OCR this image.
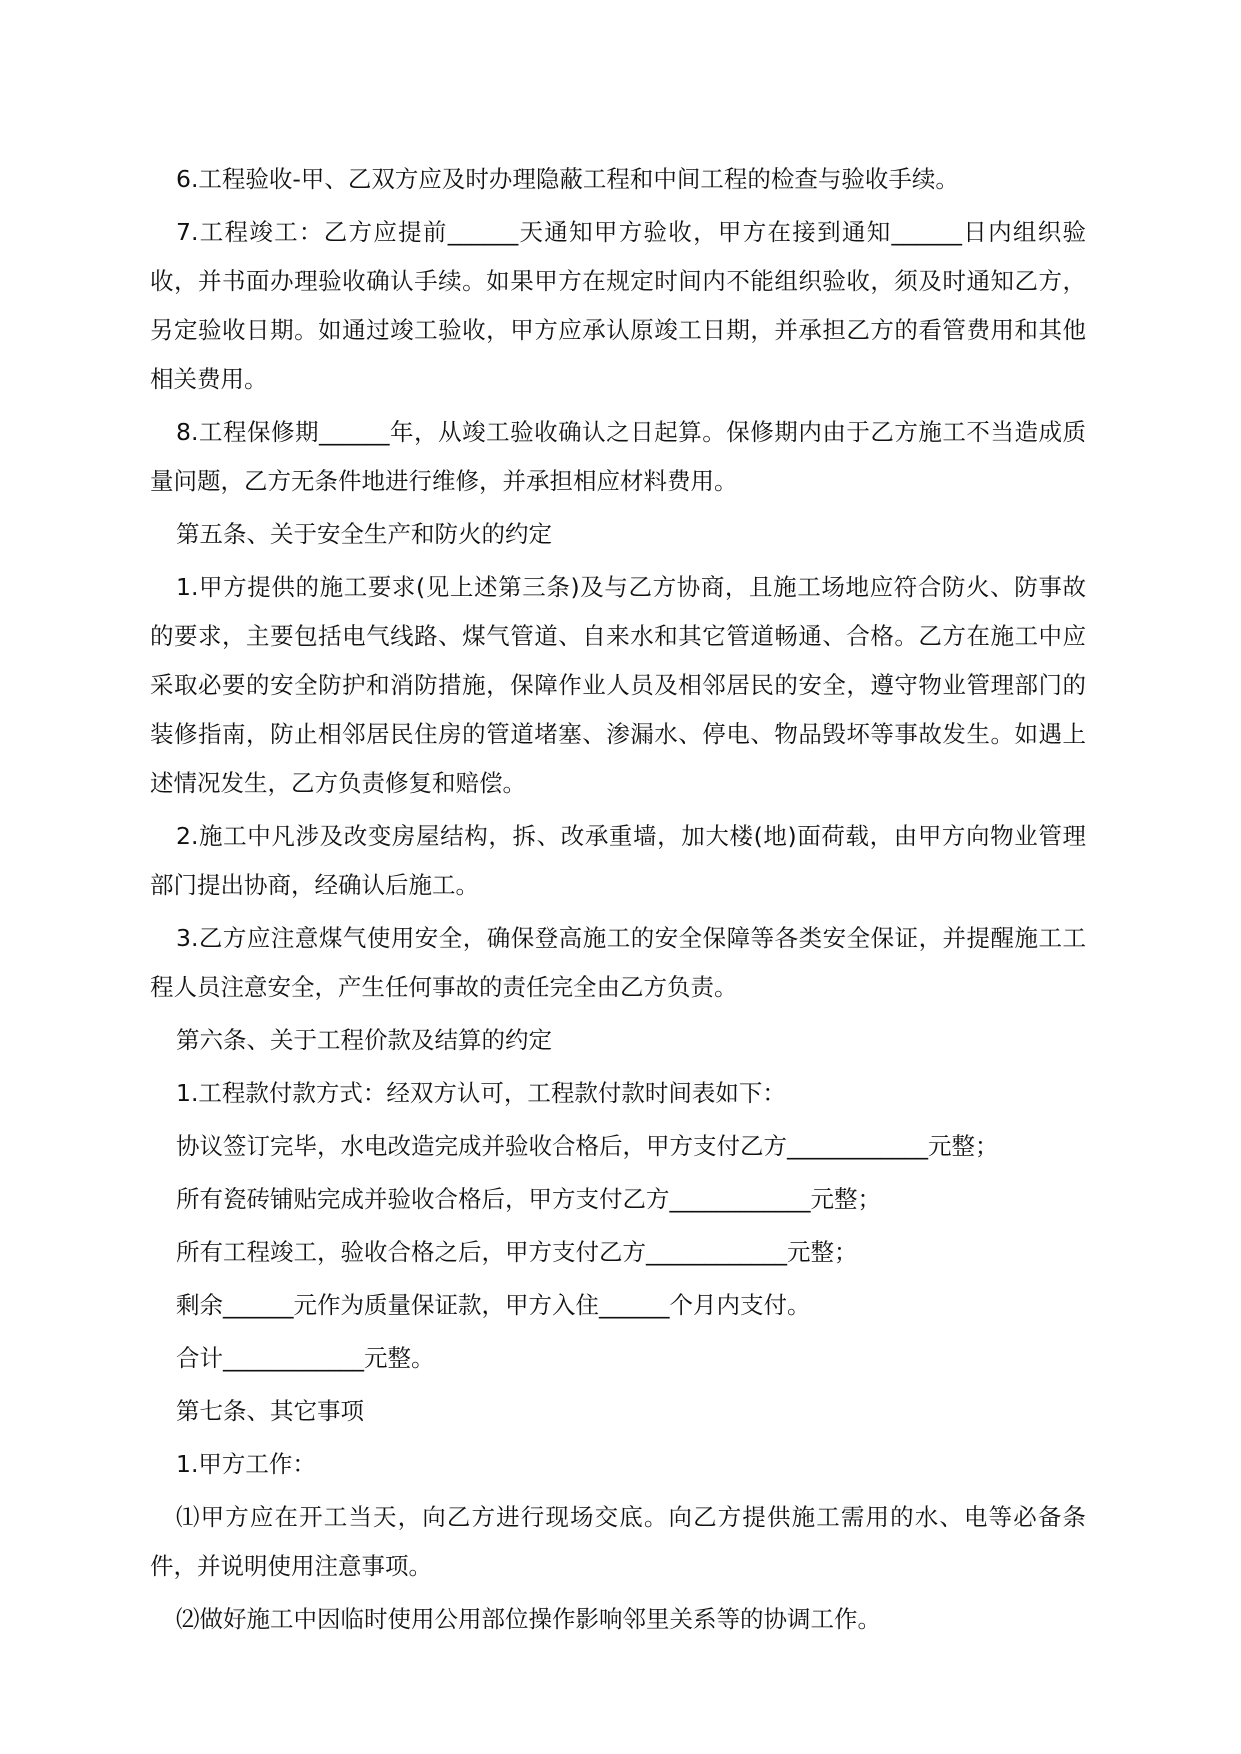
6.工程验收-甲、乙双方应及时办理隐蔽工程和中间工程的检查与验收手续。

7.工程竣工：乙方应提前______天通知甲方验收，甲方在接到通知______日内组织验收，并书面办理验收确认手续。如果甲方在规定时间内不能组织验收，须及时通知乙方，另定验收日期。如通过竣工验收，甲方应承认原竣工日期，并承担乙方的看管费用和其他相关费用。

8.工程保修期______年，从竣工验收确认之日起算。保修期内由于乙方施工不当造成质量问题，乙方无条件地进行维修，并承担相应材料费用。

第五条、关于安全生产和防火的约定

1.甲方提供的施工要求(见上述第三条)及与乙方协商，且施工场地应符合防火、防事故的要求，主要包括电气线路、煤气管道、自来水和其它管道畅通、合格。乙方在施工中应采取必要的安全防护和消防措施，保障作业人员及相邻居民的安全，遵守物业管理部门的装修指南，防止相邻居民住房的管道堵塞、渗漏水、停电、物品毁坏等事故发生。如遇上述情况发生，乙方负责修复和赔偿。

2.施工中凡涉及改变房屋结构，拆、改承重墙，加大楼(地)面荷载，由甲方向物业管理部门提出协商，经确认后施工。

3.乙方应注意煤气使用安全，确保登高施工的安全保障等各类安全保证，并提醒施工工程人员注意安全，产生任何事故的责任完全由乙方负责。

第六条、关于工程价款及结算的约定

1.工程款付款方式：经双方认可，工程款付款时间表如下：

协议签订完毕，水电改造完成并验收合格后，甲方支付乙方____________元整；

所有瓷砖铺贴完成并验收合格后，甲方支付乙方____________元整；

所有工程竣工，验收合格之后，甲方支付乙方____________元整；

剩余______元作为质量保证款，甲方入住______个月内支付。

合计____________元整。

第七条、其它事项

1.甲方工作：

⑴甲方应在开工当天，向乙方进行现场交底。向乙方提供施工需用的水、电等必备条件，并说明使用注意事项。

⑵做好施工中因临时使用公用部位操作影响邻里关系等的协调工作。
